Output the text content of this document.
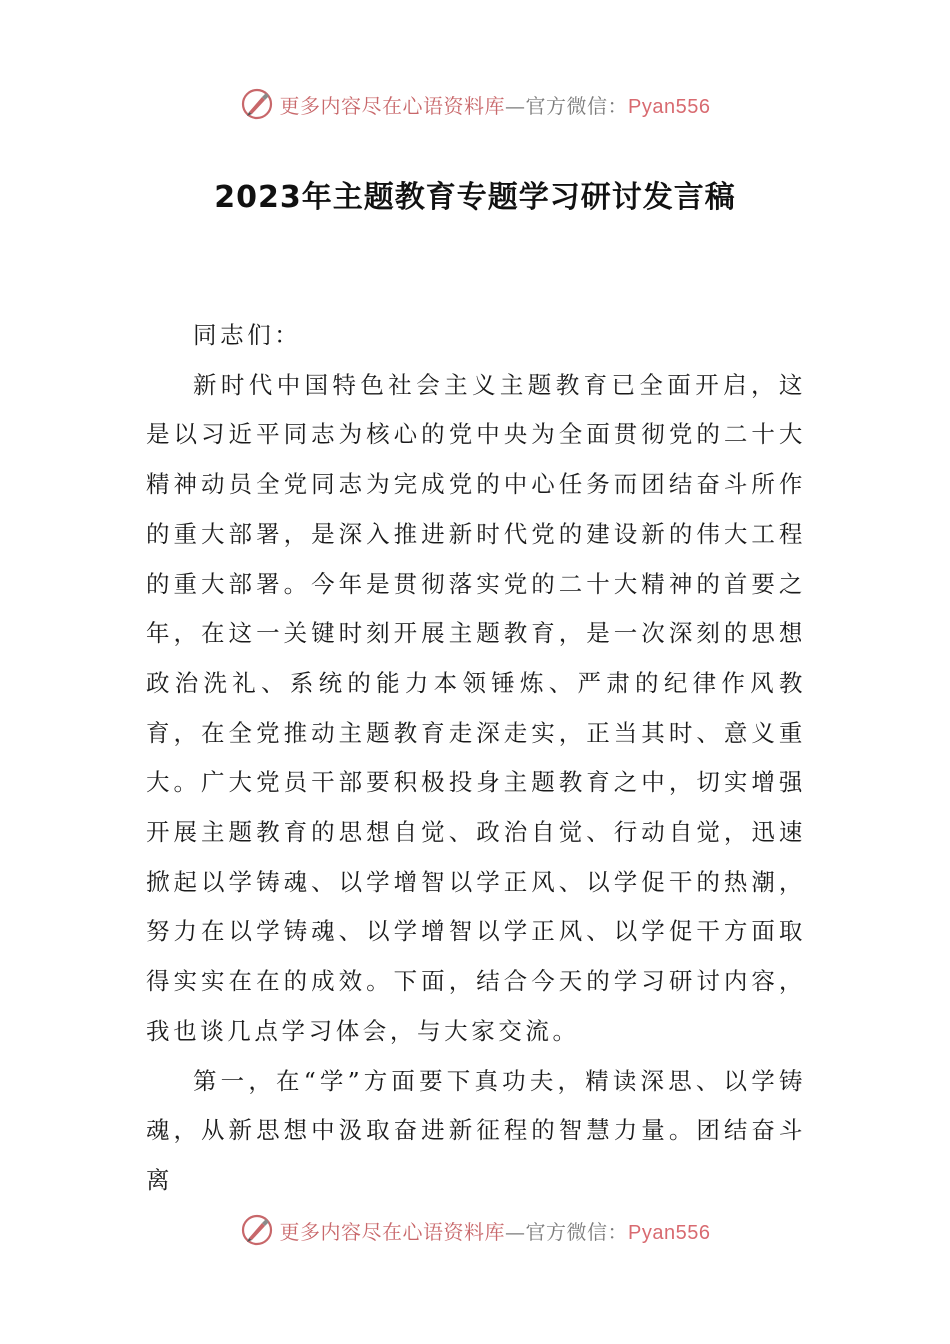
更多内容尽在心语资料库—官方微信：Pyan556
2023年主题教育专题学习研讨发言稿

同志们：

新时代中国特色社会主义主题教育已全面开启，这是以习近平同志为核心的党中央为全面贯彻党的二十大精神动员全党同志为完成党的中心任务而团结奋斗所作的重大部署，是深入推进新时代党的建设新的伟大工程的重大部署。今年是贯彻落实党的二十大精神的首要之年，在这一关键时刻开展主题教育，是一次深刻的思想政治洗礼、系统的能力本领锤炼、严肃的纪律作风教育，在全党推动主题教育走深走实，正当其时、意义重大。广大党员干部要积极投身主题教育之中，切实增强开展主题教育的思想自觉、政治自觉、行动自觉，迅速掀起以学铸魂、以学增智以学正风、以学促干的热潮，努力在以学铸魂、以学增智以学正风、以学促干方面取得实实在在的成效。下面，结合今天的学习研讨内容，我也谈几点学习体会，与大家交流。

第一，在“学”方面要下真功夫，精读深思、以学铸魂，从新思想中汲取奋进新征程的智慧力量。团结奋斗离

更多内容尽在心语资料库—官方微信：Pyan556
